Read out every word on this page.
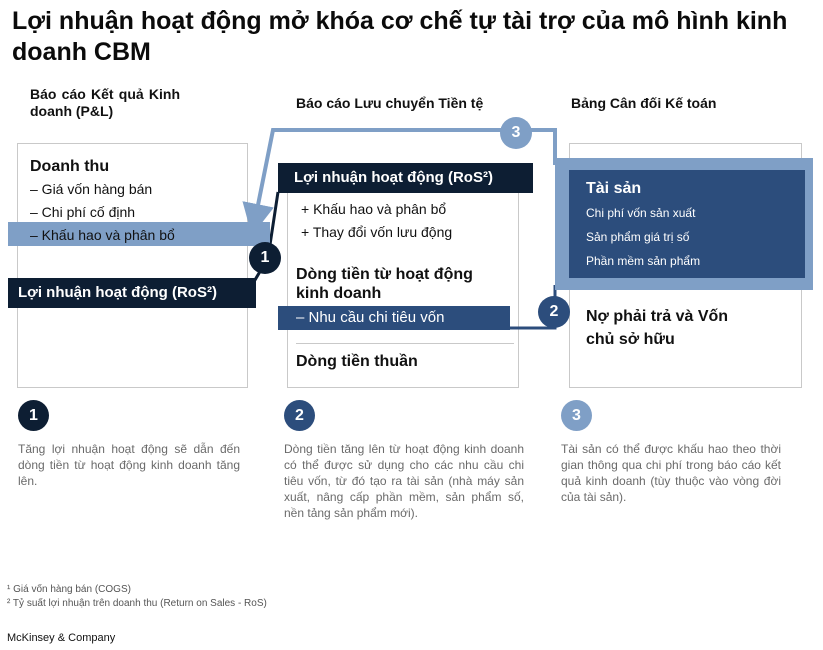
Lợi nhuận hoạt động mở khóa cơ chế tự tài trợ của mô hình kinh doanh CBM
Báo cáo Kết quả Kinh doanh (P&L)	Báo cáo Lưu chuyển Tiền tệ	Bảng Cân đối Kế toán
Doanh thu
– Giá vốn hàng bán
– Chi phí cố định
– Khấu hao và phân bổ
Lợi nhuận hoạt động (RoS²)
Lợi nhuận hoạt động (RoS²)
+ Khấu hao và phân bổ
+ Thay đổi vốn lưu động
Dòng tiền từ hoạt động kinh doanh
– Nhu cầu chi tiêu vốn
Dòng tiền thuần
Tài sản
Chi phí vốn sản xuất
Sản phẩm giá trị số
Phần mềm sản phẩm
Nợ phải trả và Vốn chủ sở hữu
1
2
3
1	2	3
Tăng lợi nhuận hoạt động sẽ dẫn đến dòng tiền từ hoạt động kinh doanh tăng lên.
Dòng tiền tăng lên từ hoạt động kinh doanh có thể được sử dụng cho các nhu cầu chi tiêu vốn, từ đó tạo ra tài sản (nhà máy sản xuất, nâng cấp phần mềm, sản phẩm số, nền tảng sản phẩm mới).
Tài sản có thể được khấu hao theo thời gian thông qua chi phí trong báo cáo kết quả kinh doanh (tùy thuộc vào vòng đời của tài sản).
¹ Giá vốn hàng bán (COGS)
² Tỷ suất lợi nhuận trên doanh thu (Return on Sales - RoS)
McKinsey & Company
